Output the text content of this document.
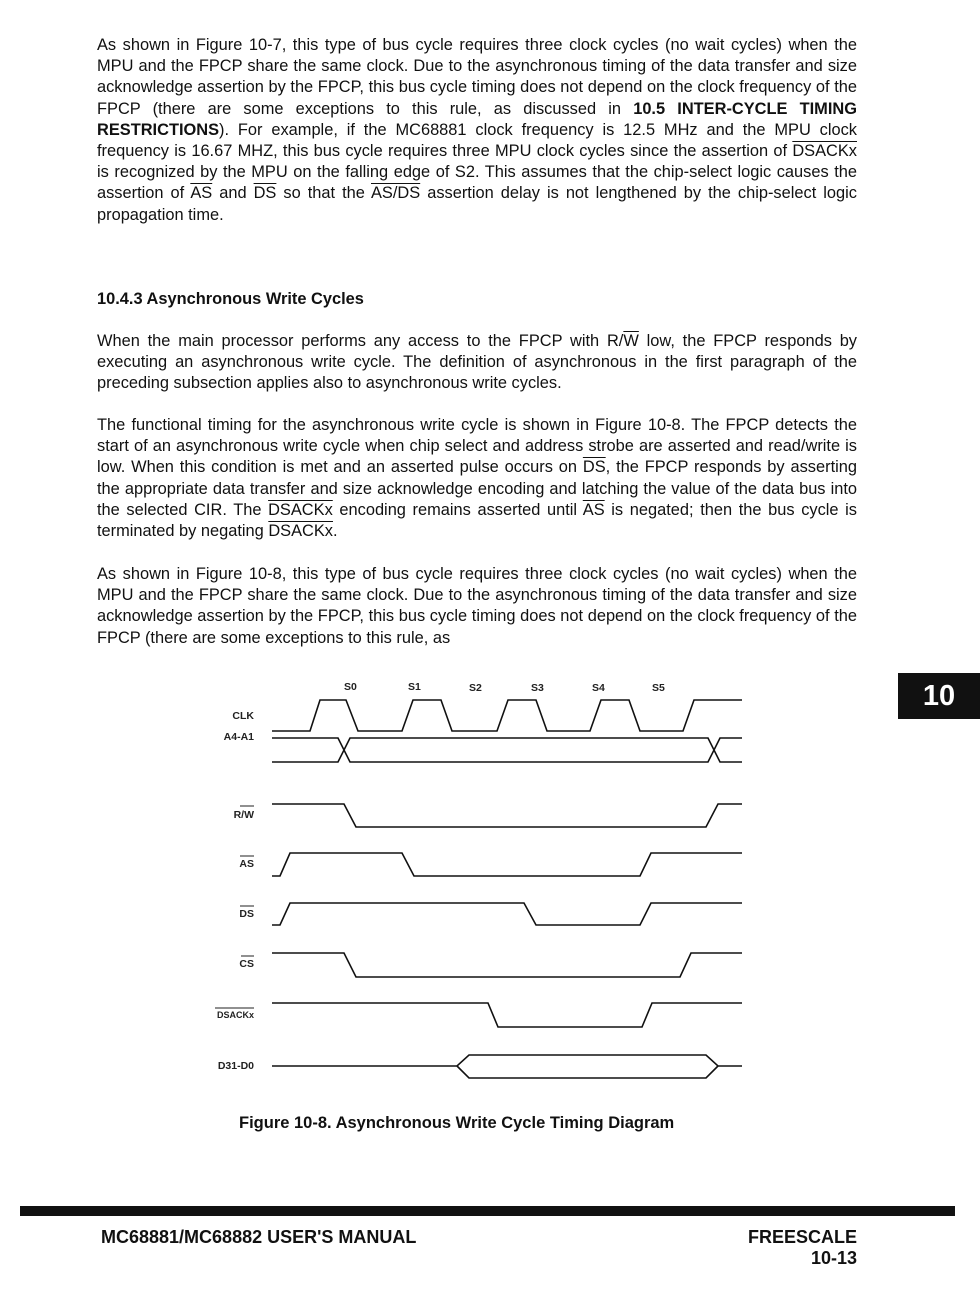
As shown in Figure 10-7, this type of bus cycle requires three clock cycles (no wait cycles) when the MPU and the FPCP share the same clock. Due to the asynchronous timing of the data transfer and size acknowledge assertion by the FPCP, this bus cycle timing does not depend on the clock frequency of the FPCP (there are some exceptions to this rule, as discussed in 10.5 INTER-CYCLE TIMING RESTRICTIONS). For example, if the MC68881 clock frequency is 12.5 MHz and the MPU clock frequency is 16.67 MHZ, this bus cycle requires three MPU clock cycles since the assertion of DSACKx is recognized by the MPU on the falling edge of S2. This assumes that the chip-select logic causes the assertion of $\overline{AS}$ and $\overline{DS}$ so that the AS/DS assertion delay is not lengthened by the chip-select logic propagation time.

10.4.3 Asynchronous Write Cycles

When the main processor performs any access to the FPCP with $R/\overline{W}$ low, the FPCP responds by executing an asynchronous write cycle. The definition of asynchronous in the first paragraph of the preceding subsection applies also to asynchronous write cycles.

The functional timing for the asynchronous write cycle is shown in Figure 10-8. The FPCP detects the start of an asynchronous write cycle when chip select and address strobe are asserted and read/write is low. When this condition is met and an asserted pulse occurs on $\overline{DS}$, the FPCP responds by asserting the appropriate data transfer and size acknowledge encoding and latching the value of the data bus into the selected CIR. The DSACKx encoding remains asserted until $\overline{AS}$ is negated; then the bus cycle is terminated by negating DSACKx.

As shown in Figure 10-8, this type of bus cycle requires three clock cycles (no wait cycles) when the MPU and the FPCP share the same clock. Due to the asynchronous timing of the data transfer and size acknowledge assertion by the FPCP, this bus cycle timing does not depend on the clock frequency of the FPCP (there are some exceptions to this rule, as

10
S0	S1	S2	S3	S4	S5
CLK
A4-A1
R/W
AS
DS
CS
DSACKx
D31-D0

Figure 10-8. Asynchronous Write Cycle Timing Diagram

MC68881/MC68882 USER'S MANUAL	FREESCALE
10-13
